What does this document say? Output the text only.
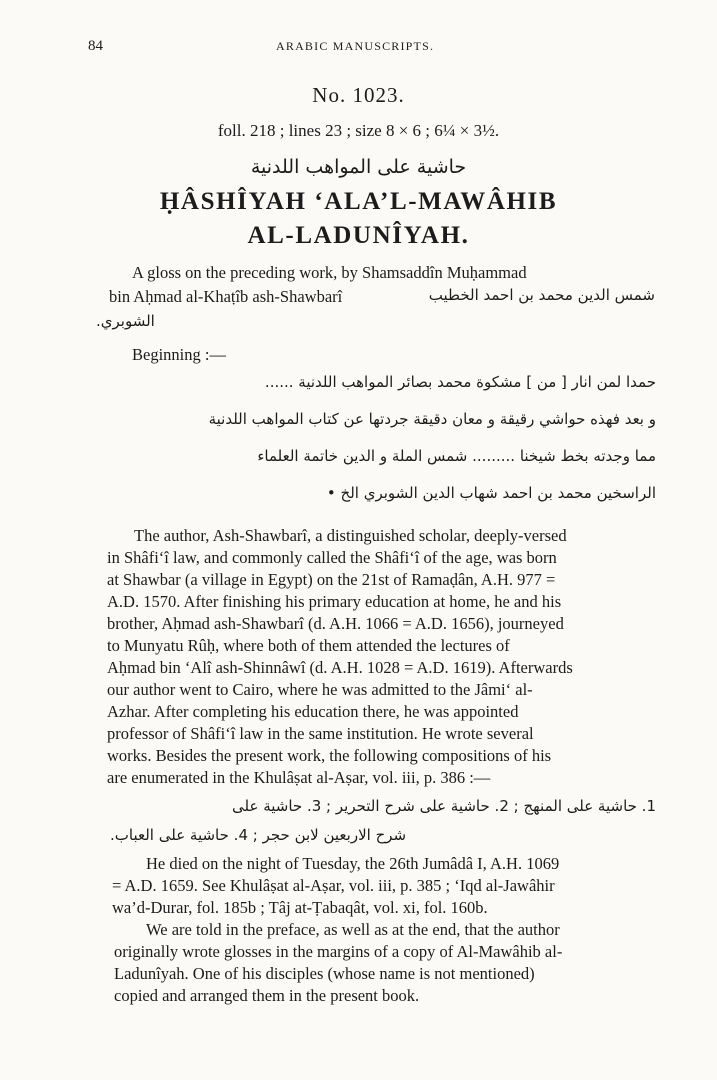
84	ARABIC MANUSCRIPTS.
No. 1023.
foll. 218 ; lines 23 ; size 8 × 6 ; 6¼ × 3½.
حاشية على المواهب اللدنية
ḤÂSHÎYAH ‘ALA’L-MAWÂHIB
AL-LADUNÎYAH.
A gloss on the preceding work, by Shamsaddîn Muḥammad
bin Aḥmad al-Khaṭîb ash-Shawbarî	شمس الدين محمد بن احمد الخطيب
الشوبري.
Beginning :—
حمدا لمن انار [ من ] مشكوة محمد بصائر المواهب اللدنية ......
و بعد فهذه حواشي رقيقة و معان دقيقة جردتها عن كتاب المواهب اللدنية
مما وجدته بخط شيخنا ......... شمس الملة و الدين خاتمة العلماء
الراسخين محمد بن احمد شهاب الدين الشوبري الخ •
The author, Ash-Shawbarî, a distinguished scholar, deeply-versed
in Shâfi‘î law, and commonly called the Shâfi‘î of the age, was born
at Shawbar (a village in Egypt) on the 21st of Ramaḍân, A.H. 977 =
A.D. 1570. After finishing his primary education at home, he and his
brother, Aḥmad ash-Shawbarî (d. A.H. 1066 = A.D. 1656), journeyed
to Munyatu Rûḥ, where both of them attended the lectures of
Aḥmad bin ‘Alî ash-Shinnâwî (d. A.H. 1028 = A.D. 1619). Afterwards
our author went to Cairo, where he was admitted to the Jâmi‘ al-
Azhar. After completing his education there, he was appointed
professor of Shâfi‘î law in the same institution. He wrote several
works. Besides the present work, the following compositions of his
are enumerated in the Khulâṣat al-Aṣar, vol. iii, p. 386 :—
1. حاشية على المنهج ; 2. حاشية على شرح التحرير ; 3. حاشية على
شرح الاربعين لابن حجر ; 4. حاشية على العباب.
He died on the night of Tuesday, the 26th Jumâdâ I, A.H. 1069
= A.D. 1659. See Khulâṣat al-Aṣar, vol. iii, p. 385 ; ‘Iqd al-Jawâhir
wa’d-Durar, fol. 185b ; Tâj at-Ṭabaqât, vol. xi, fol. 160b.
We are told in the preface, as well as at the end, that the author
originally wrote glosses in the margins of a copy of Al-Mawâhib al-
Ladunîyah. One of his disciples (whose name is not mentioned)
copied and arranged them in the present book.
